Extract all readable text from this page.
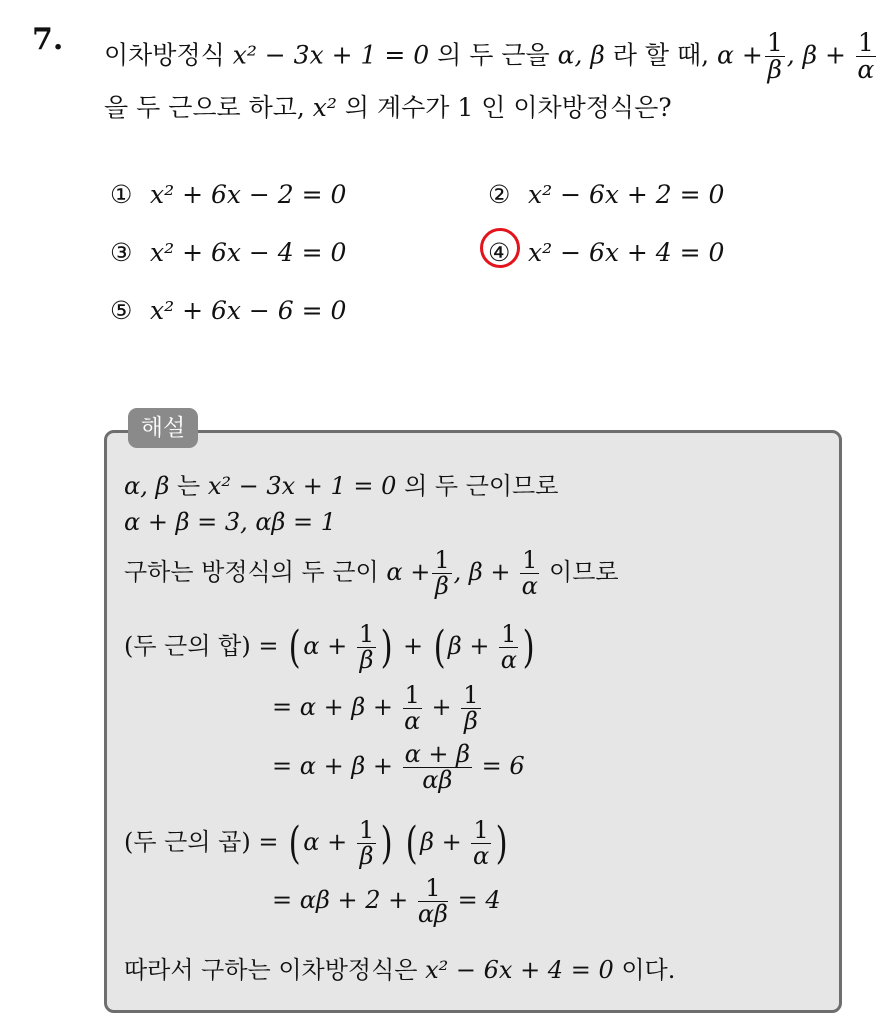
7. 이차방정식 x² − 3x + 1 = 0 의 두 근을 α, β 라 할 때, $\alpha + \frac{1}{\beta}$ , $\beta + \frac{1}{\alpha}$
을 두 근으로 하고, x² 의 계수가 1 인 이차방정식은?
① x² + 6x − 2 = 0	② x² − 6x + 2 = 0
③ x² + 6x − 4 = 0	④ x² − 6x + 4 = 0
⑤ x² + 6x − 6 = 0
해설
α, β 는 x² − 3x + 1 = 0 의 두 근이므로
α + β = 3, αβ = 1
구하는 방정식의 두 근이 $\alpha + \frac{1}{\beta}$ , $\beta + \frac{1}{\alpha}$ 이므로
(두 근의 합) = ( $\alpha + \frac{1}{\beta}$ ) + ( $\beta + \frac{1}{\alpha}$ )
= $\alpha + \beta + \frac{1}{\alpha} + \frac{1}{\beta}$
= $\alpha + \beta + \frac{\alpha + \beta}{\alpha\beta} = 6$
(두 근의 곱) = ( $\alpha + \frac{1}{\beta}$ ) ( $\beta + \frac{1}{\alpha}$ )
= $\alpha\beta + 2 + \frac{1}{\alpha\beta} = 4$
따라서 구하는 이차방정식은 x² − 6x + 4 = 0 이다.
